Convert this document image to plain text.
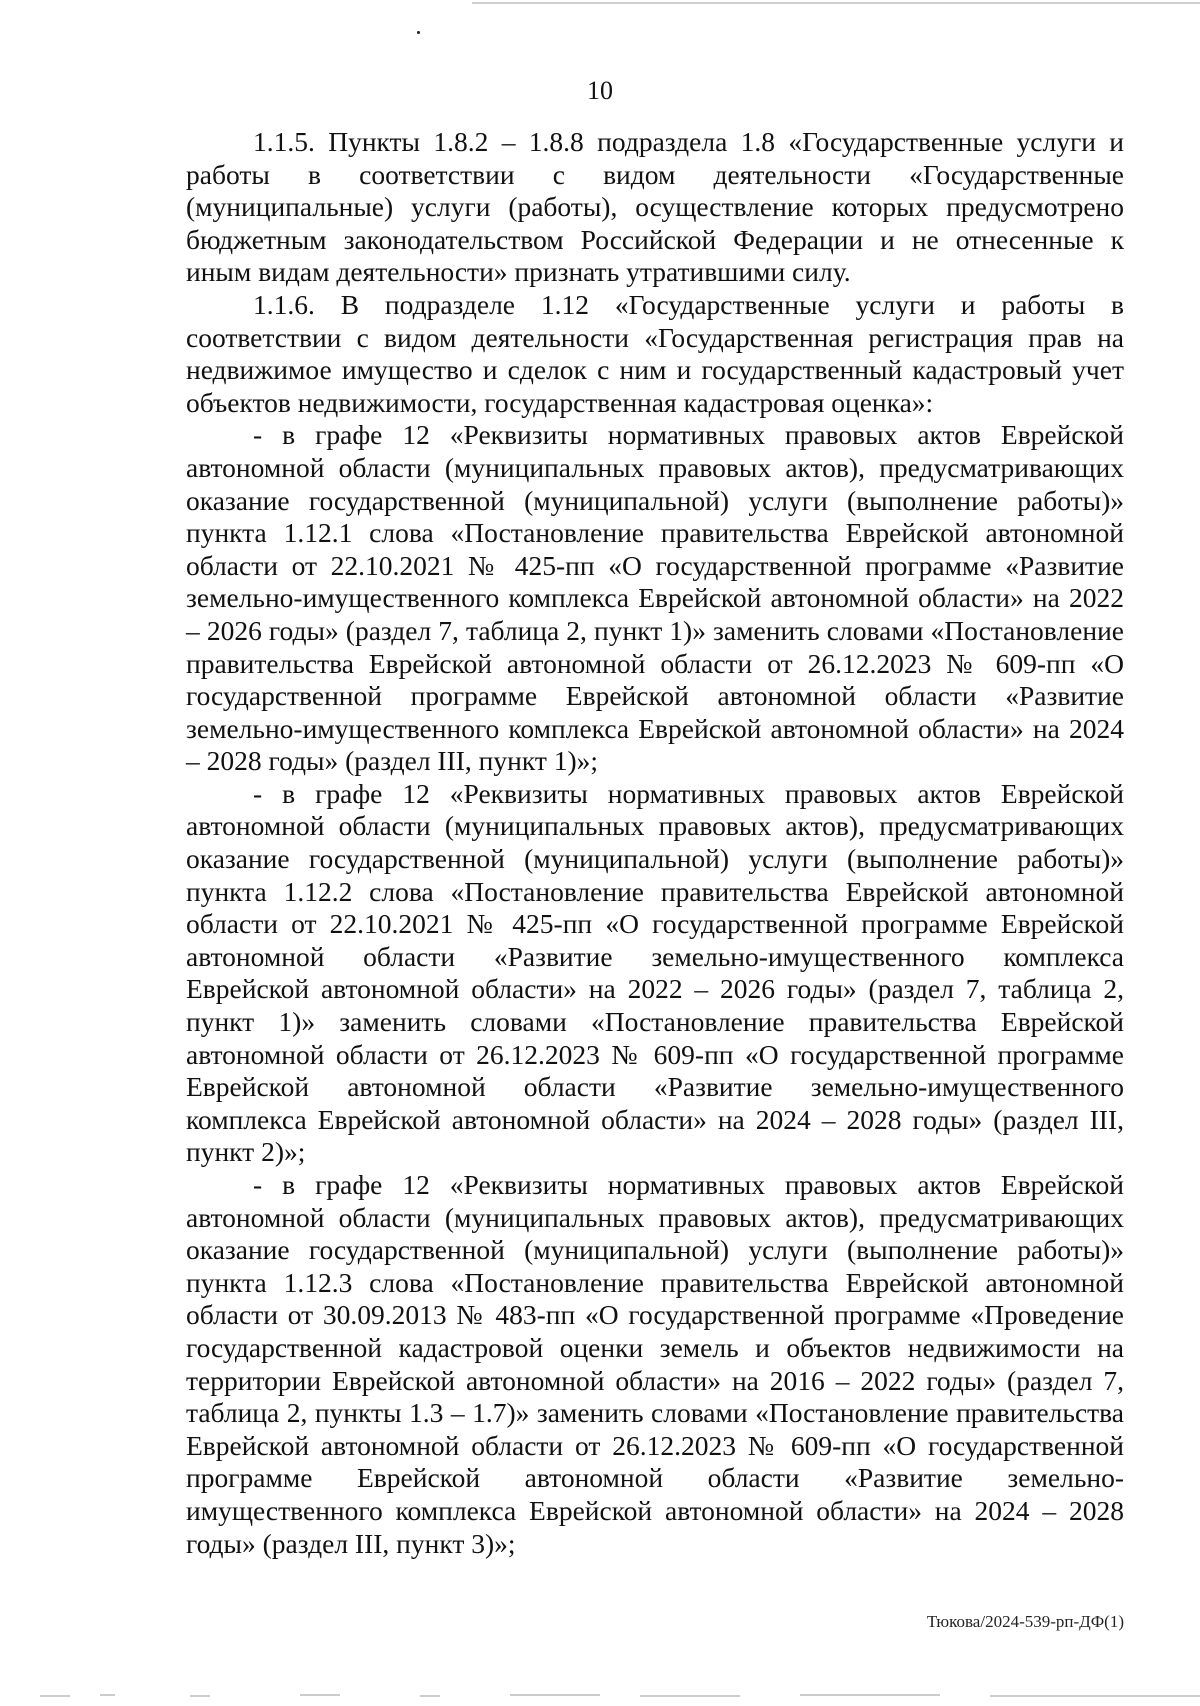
10

1.1.5. Пункты 1.8.2 – 1.8.8 подраздела 1.8 «Государственные услуги и работы в соответствии с видом деятельности «Государственные (муниципальные) услуги (работы), осуществление которых предусмотрено бюджетным законодательством Российской Федерации и не отнесенные к иным видам деятельности» признать утратившими силу.

1.1.6. В подразделе 1.12 «Государственные услуги и работы в соответствии с видом деятельности «Государственная регистрация прав на недвижимое имущество и сделок с ним и государственный кадастровый учет объектов недвижимости, государственная кадастровая оценка»:

- в графе 12 «Реквизиты нормативных правовых актов Еврейской автономной области (муниципальных правовых актов), предусматривающих оказание государственной (муниципальной) услуги (выполнение работы)» пункта 1.12.1 слова «Постановление правительства Еврейской автономной области от 22.10.2021 № 425-пп «О государственной программе «Развитие земельно-имущественного комплекса Еврейской автономной области» на 2022 – 2026 годы» (раздел 7, таблица 2, пункт 1)» заменить словами «Постановление правительства Еврейской автономной области от 26.12.2023 № 609-пп «О государственной программе Еврейской автономной области «Развитие земельно-имущественного комплекса Еврейской автономной области» на 2024 – 2028 годы» (раздел III, пункт 1)»;

- в графе 12 «Реквизиты нормативных правовых актов Еврейской автономной области (муниципальных правовых актов), предусматривающих оказание государственной (муниципальной) услуги (выполнение работы)» пункта 1.12.2 слова «Постановление правительства Еврейской автономной области от 22.10.2021 № 425-пп «О государственной программе Еврейской автономной области «Развитие земельно-имущественного комплекса Еврейской автономной области» на 2022 – 2026 годы» (раздел 7, таблица 2, пункт 1)» заменить словами «Постановление правительства Еврейской автономной области от 26.12.2023 № 609-пп «О государственной программе Еврейской автономной области «Развитие земельно-имущественного комплекса Еврейской автономной области» на 2024 – 2028 годы» (раздел III, пункт 2)»;

- в графе 12 «Реквизиты нормативных правовых актов Еврейской автономной области (муниципальных правовых актов), предусматривающих оказание государственной (муниципальной) услуги (выполнение работы)» пункта 1.12.3 слова «Постановление правительства Еврейской автономной области от 30.09.2013 № 483-пп «О государственной программе «Проведение государственной кадастровой оценки земель и объектов недвижимости на территории Еврейской автономной области» на 2016 – 2022 годы» (раздел 7, таблица 2, пункты 1.3 – 1.7)» заменить словами «Постановление правительства Еврейской автономной области от 26.12.2023 № 609-пп «О государственной программе Еврейской автономной области «Развитие земельно-имущественного комплекса Еврейской автономной области» на 2024 – 2028 годы» (раздел III, пункт 3)»;

Тюкова/2024-539-рп-ДФ(1)
